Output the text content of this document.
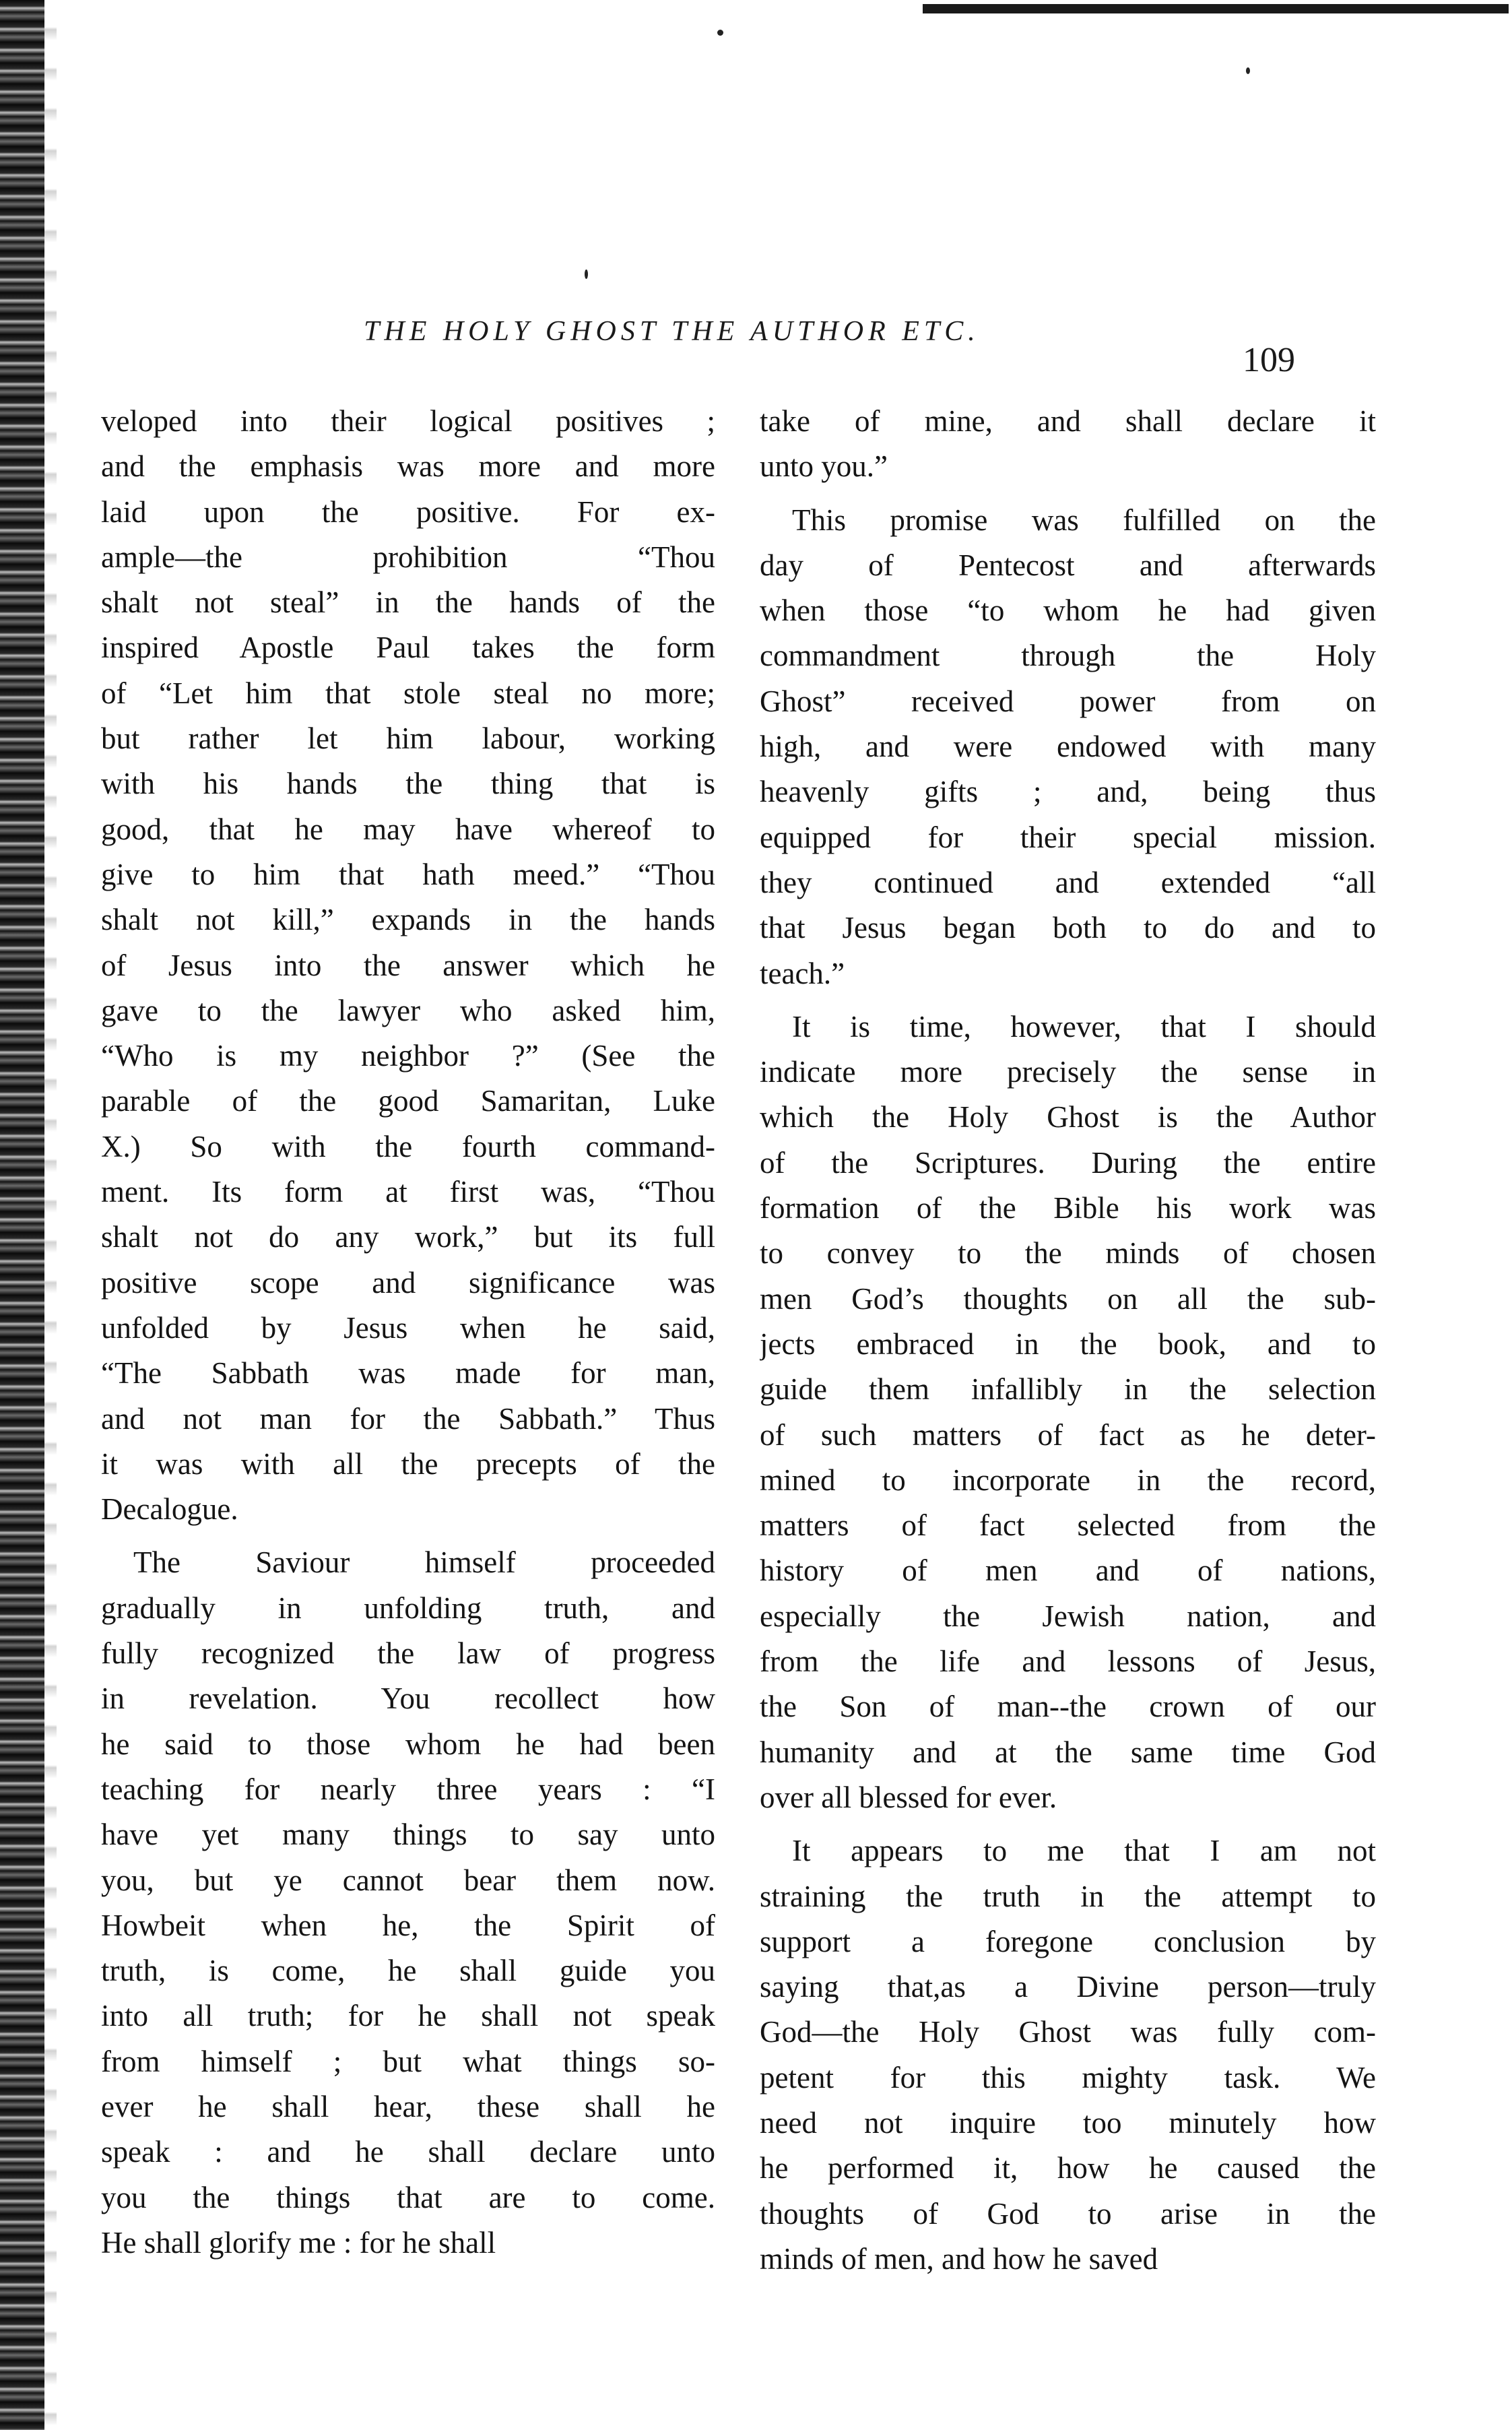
THE HOLY GHOST THE AUTHOR ETC.
109
veloped into their logical positives ;
and the emphasis was more and more
laid upon the positive. For ex-
ample—the prohibition “Thou
shalt not steal” in the hands of the
inspired Apostle Paul takes the form
of “Let him that stole steal no more;
but rather let him labour, working
with his hands the thing that is
good, that he may have whereof to
give to him that hath meed.” “Thou
shalt not kill,” expands in the hands
of Jesus into the answer which he
gave to the lawyer who asked him,
“Who is my neighbor ?” (See the
parable of the good Samaritan, Luke
X.) So with the fourth command-
ment. Its form at first was, “Thou
shalt not do any work,” but its full
positive scope and significance was
unfolded by Jesus when he said,
“The Sabbath was made for man,
and not man for the Sabbath.” Thus
it was with all the precepts of the
Decalogue.
The Saviour himself proceeded
gradually in unfolding truth, and
fully recognized the law of progress
in revelation. You recollect how
he said to those whom he had been
teaching for nearly three years : “I
have yet many things to say unto
you, but ye cannot bear them now.
Howbeit when he, the Spirit of
truth, is come, he shall guide you
into all truth; for he shall not speak
from himself ; but what things so-
ever he shall hear, these shall he
speak : and he shall declare unto
you the things that are to come.
He shall glorify me : for he shall
take of mine, and shall declare it
unto you.”
This promise was fulfilled on the
day of Pentecost and afterwards
when those “to whom he had given
commandment through the Holy
Ghost” received power from on
high, and were endowed with many
heavenly gifts ; and, being thus
equipped for their special mission.
they continued and extended “all
that Jesus began both to do and to
teach.”
It is time, however, that I should
indicate more precisely the sense in
which the Holy Ghost is the Author
of the Scriptures. During the entire
formation of the Bible his work was
to convey to the minds of chosen
men God’s thoughts on all the sub-
jects embraced in the book, and to
guide them infallibly in the selection
of such matters of fact as he deter-
mined to incorporate in the record,
matters of fact selected from the
history of men and of nations,
especially the Jewish nation, and
from the life and lessons of Jesus,
the Son of man--the crown of our
humanity and at the same time God
over all blessed for ever.
It appears to me that I am not
straining the truth in the attempt to
support a foregone conclusion by
saying that,as a Divine person—truly
God—the Holy Ghost was fully com-
petent for this mighty task. We
need not inquire too minutely how
he performed it, how he caused the
thoughts of God to arise in the
minds of men, and how he saved
